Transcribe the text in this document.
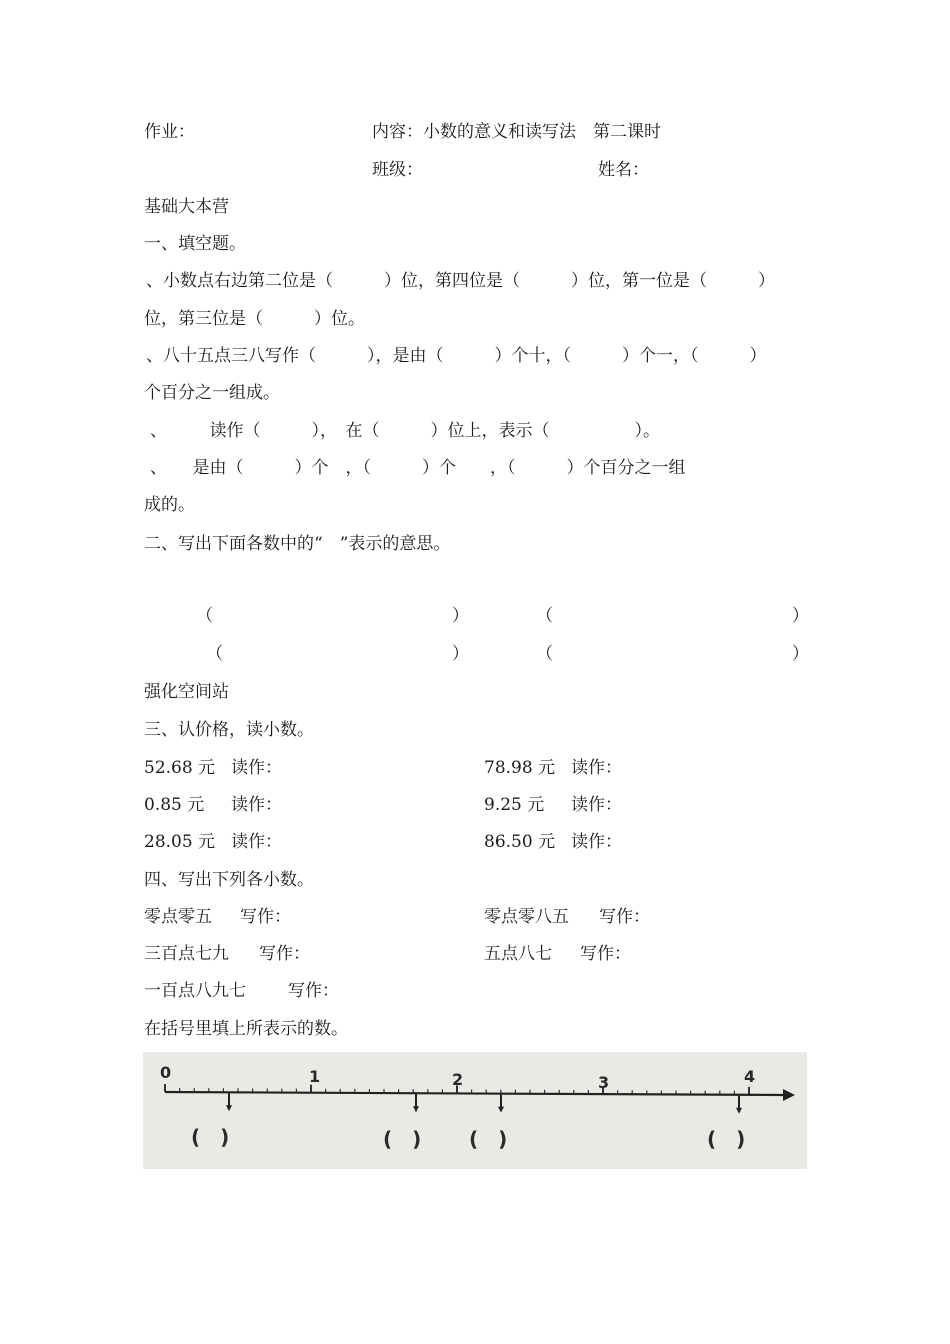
作业：	内容：小数的意义和读写法　第二课时
班级：	姓名：
基础大本营
一、填空题。
、小数点右边第二位是（　　　）位，第四位是（　　　）位，第一位是（　　　）
位，第三位是（　　　）位。
、八十五点三八写作（　　　），是由（　　　）个十，（　　　）个一，（　　　）
个百分之一组成。
、　　　读作（　　　），　在（　　　）位上，表示（　　　　　）。
、　　是由（　　　）个　，（　　　）个　　，（　　　）个百分之一组
成的。
二、写出下面各数中的“　”表示的意思。
（	）	（	）
（	）	（	）
强化空间站
三、认价格，读小数。
52.68 元 读作：	78.98 元 读作：
0.85 元 读作：	9.25 元 读作：
28.05 元 读作：	86.50 元 读作：
四、写出下列各小数。
零点零五 写作：	零点零八五 写作：
三百点七九 写作：	五点八七 写作：
一百点八九七 写作：
在括号里填上所表示的数。
0	1	2	3	4
(　)	(　) (　)	(　)
